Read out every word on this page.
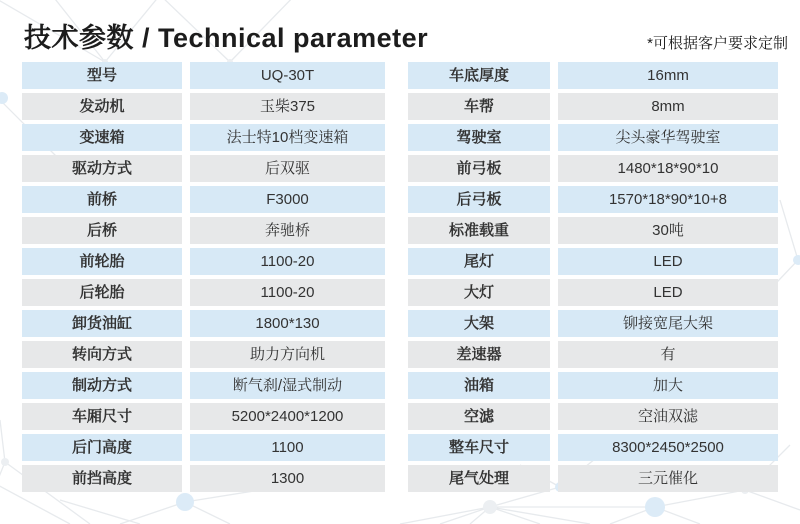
技术参数 / Technical parameter	*可根据客户要求定制
型号	UQ-30T
发动机	玉柴375
变速箱	法士特10档变速箱
驱动方式	后双驱
前桥	F3000
后桥	奔驰桥
前轮胎	1100-20
后轮胎	1100-20
卸货油缸	1800*130
转向方式	助力方向机
制动方式	断气刹/湿式制动
车厢尺寸	5200*2400*1200
后门高度	1100
前挡高度	1300
车底厚度	16mm
车帮	8mm
驾驶室	尖头豪华驾驶室
前弓板	1480*18*90*10
后弓板	1570*18*90*10+8
标准载重	30吨
尾灯	LED
大灯	LED
大架	铆接宽尾大架
差速器	有
油箱	加大
空滤	空油双滤
整车尺寸	8300*2450*2500
尾气处理	三元催化
